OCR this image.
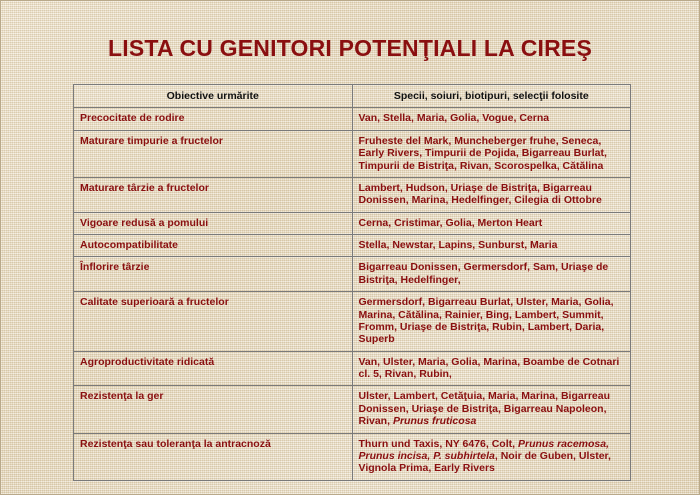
LISTA CU GENITORI POTENŢIALI LA CIREŞ
Obiective urmărite	Specii, soiuri, biotipuri, selecţii folosite
Precocitate de rodire	Van, Stella, Maria, Golia, Vogue, Cerna
Maturare timpurie a fructelor	Fruheste del Mark, Muncheberger fruhe, Seneca, Early Rivers, Timpurii de Pojida, Bigarreau Burlat, Timpurii de Bistriţa, Rivan, Scorospelka, Cătălina
Maturare târzie a fructelor	Lambert, Hudson, Uriaşe de Bistriţa, Bigarreau Donissen, Marina, Hedelfinger, Cilegia di Ottobre
Vigoare redusă a pomului	Cerna, Cristimar, Golia, Merton Heart
Autocompatibilitate	Stella, Newstar, Lapins, Sunburst, Maria
Înflorire târzie	Bigarreau Donissen, Germersdorf, Sam, Uriaşe de Bistriţa, Hedelfinger,
Calitate superioară a fructelor	Germersdorf, Bigarreau Burlat, Ulster, Maria, Golia, Marina, Cătălina, Rainier, Bing, Lambert, Summit, Fromm, Uriaşe de Bistriţa, Rubin, Lambert, Daria, Superb
Agroproductivitate ridicată	Van, Ulster, Maria, Golia, Marina, Boambe de Cotnari cl. 5, Rivan, Rubin,
Rezistenţa la ger	Ulster, Lambert, Cetăţuia, Maria, Marina, Bigarreau Donissen, Uriaşe de Bistriţa, Bigarreau Napoleon, Rivan, Prunus fruticosa
Rezistenţa sau toleranţa la antracnoză	Thurn und Taxis, NY 6476, Colt, Prunus racemosa, Prunus incisa, P. subhirtela, Noir de Guben, Ulster, Vignola Prima, Early Rivers
